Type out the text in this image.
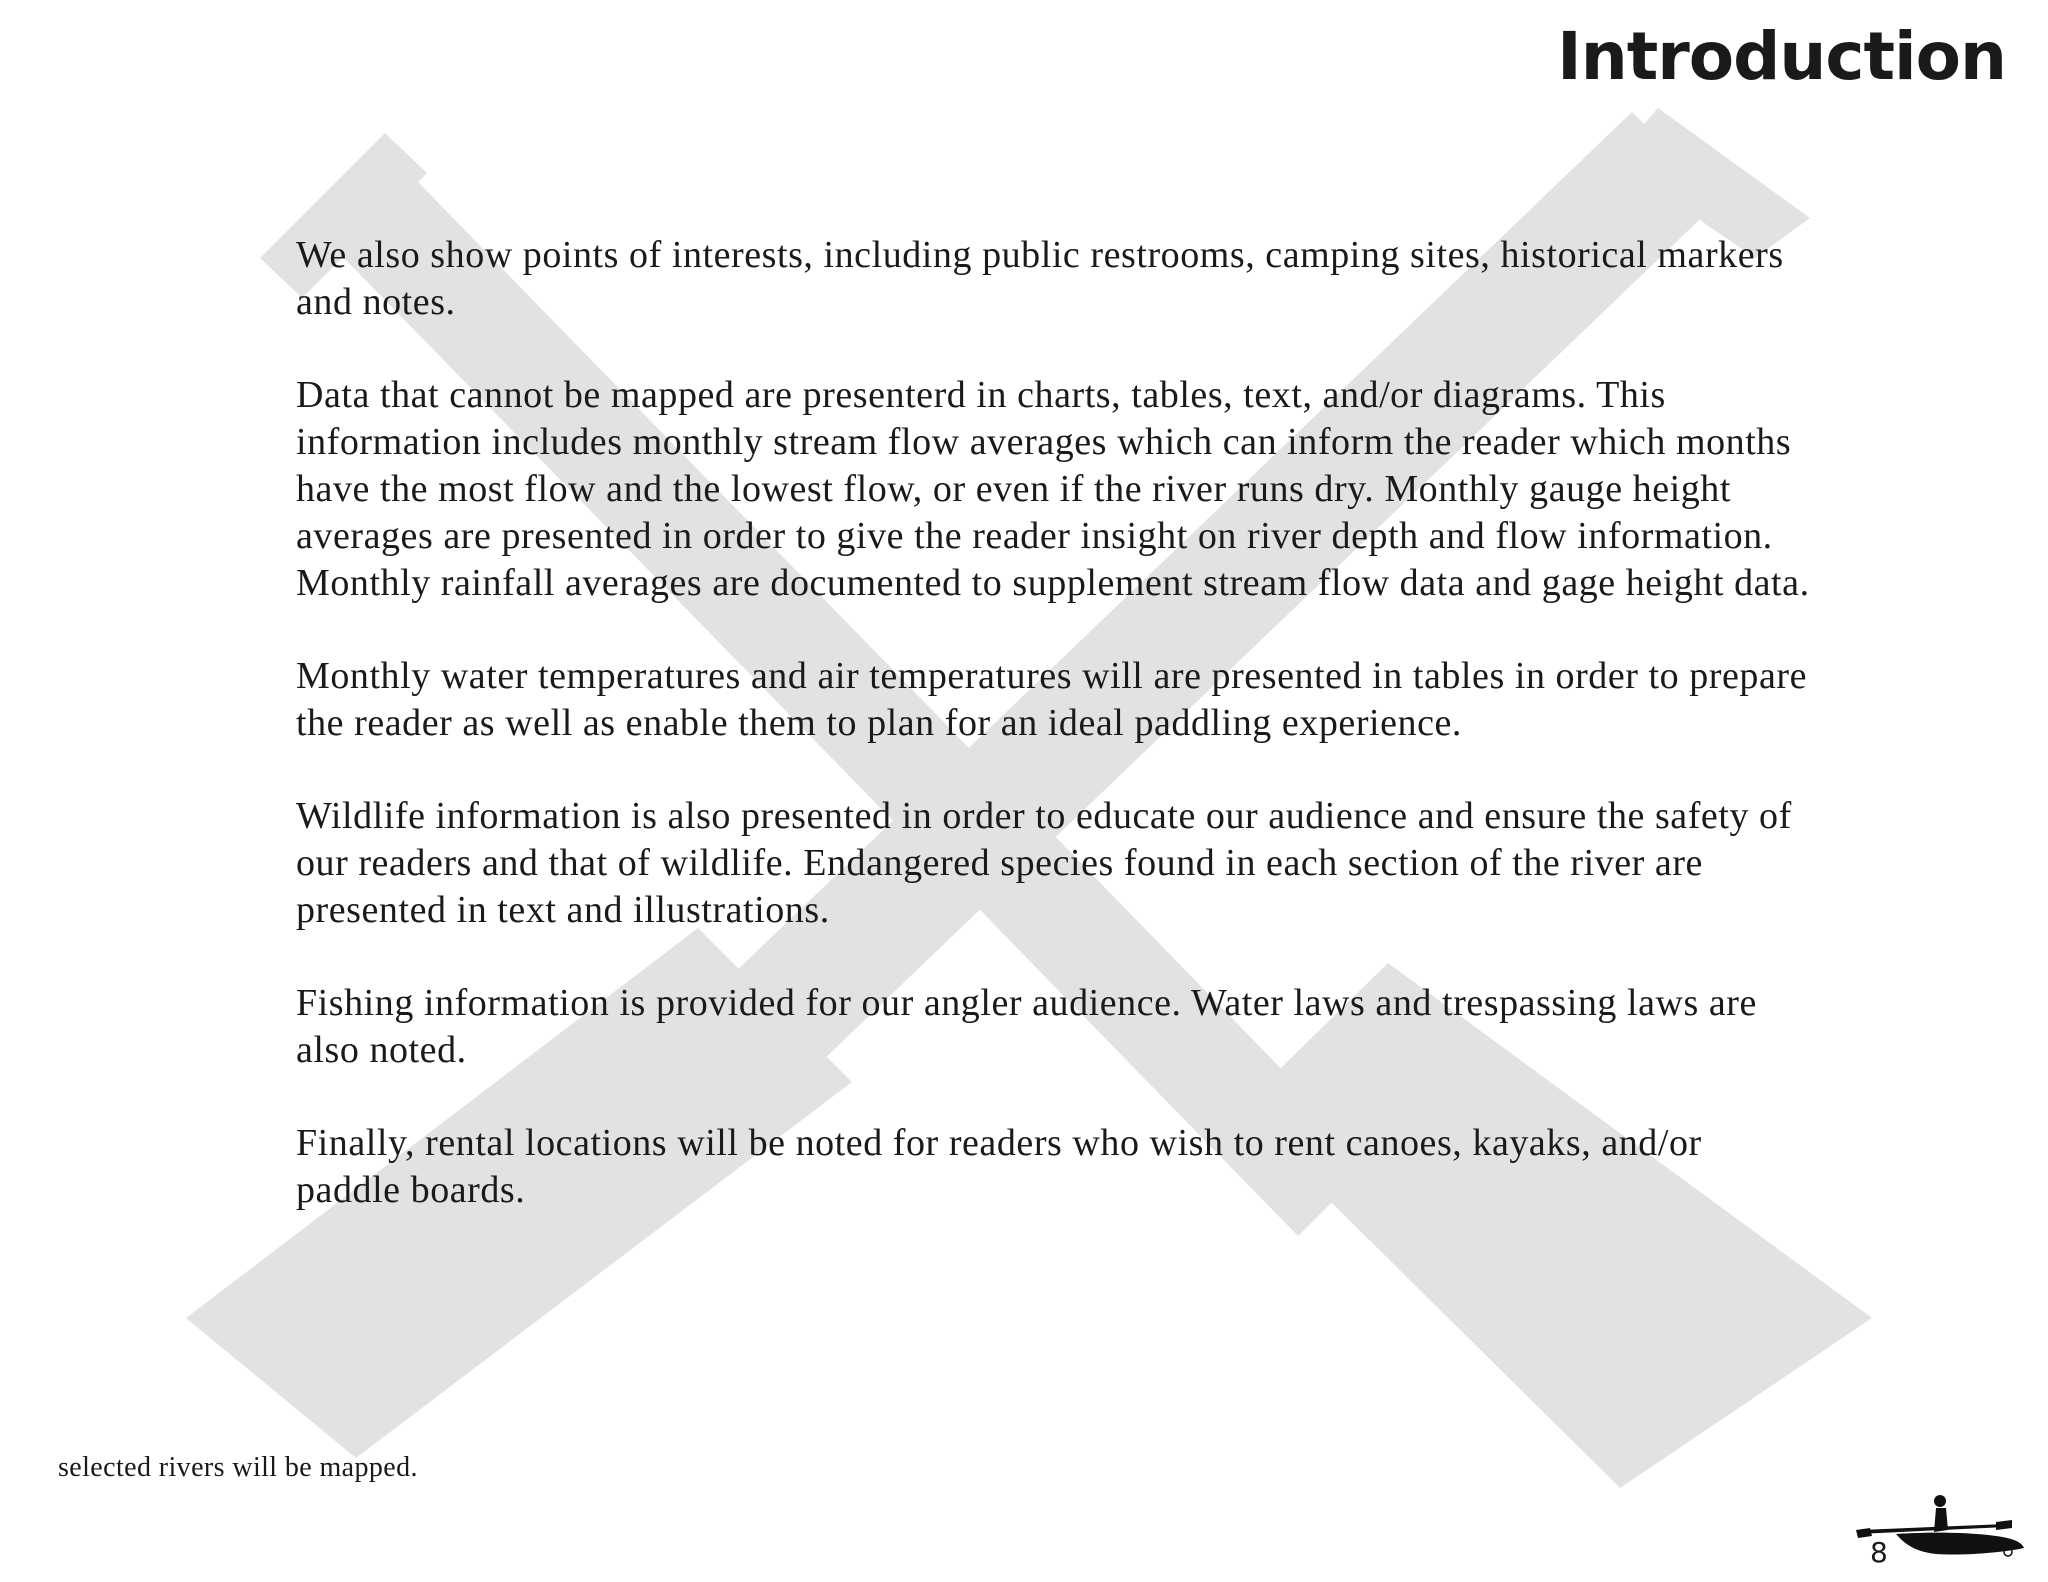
Introduction

We also show points of interests, including public restrooms, camping sites, historical markers and notes.

Data that cannot be mapped are presenterd in charts, tables, text, and/or diagrams. This information includes monthly stream flow averages which can inform the reader which months have the most flow and the lowest flow, or even if the river runs dry. Monthly gauge height averages are presented in order to give the reader insight on river depth and flow information. Monthly rainfall averages are documented to supplement stream flow data and gage height data.

Monthly water temperatures and air temperatures will are presented in tables in order to prepare the reader as well as enable them to plan for an ideal paddling experience.

Wildlife information is also presented in order to educate our audience and ensure the safety of our readers and that of wildlife. Endangered species found in each section of the river are presented in text and illustrations.

Fishing information is provided for our angler audience. Water laws and trespassing laws are also noted.

Finally, rental locations will be noted for readers who wish to rent canoes, kayaks, and/or paddle boards.

selected rivers will be mapped.
8
